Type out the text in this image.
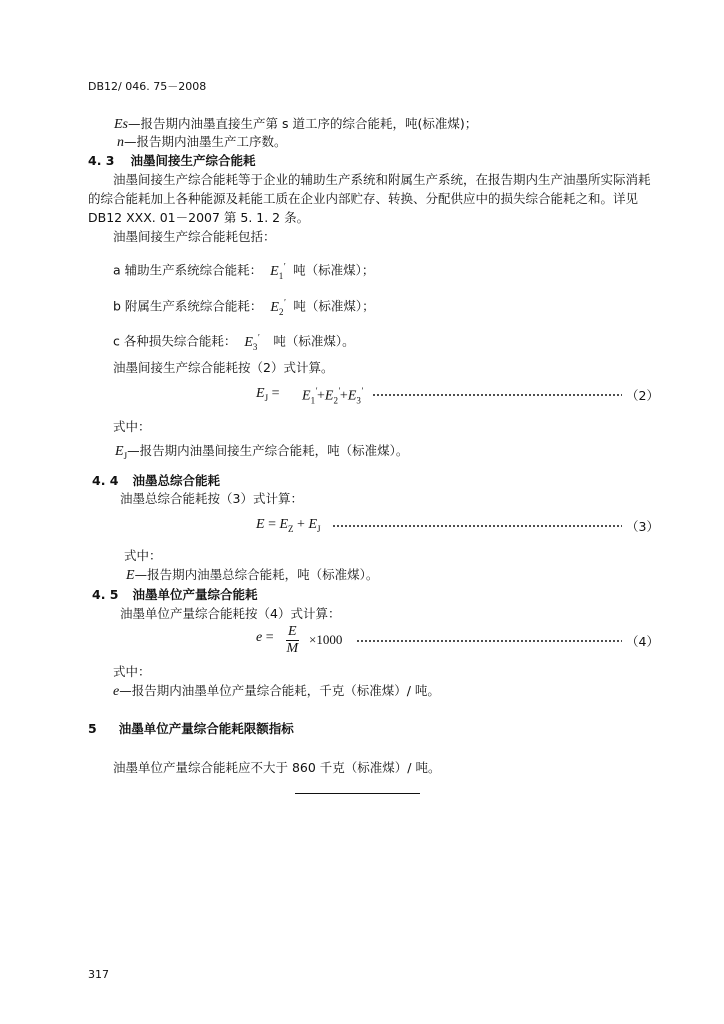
DB12/ 046. 75－2008
Es—报告期内油墨直接生产第 s 道工序的综合能耗，吨(标准煤)；
n—报告期内油墨生产工序数。
4. 3 油墨间接生产综合能耗
油墨间接生产综合能耗等于企业的辅助生产系统和附属生产系统，在报告期内生产油墨所实际消耗
的综合能耗加上各种能源及耗能工质在企业内部贮存、转换、分配供应中的损失综合能耗之和。详见
DB12 XXX. 01－2007 第 5. 1. 2 条。
油墨间接生产综合能耗包括：
a 辅助生产系统综合能耗： $E_1'$ 吨（标准煤）；
b 附属生产系统综合能耗： $E_2'$ 吨（标准煤）；
c 各种损失综合能耗： $E_3'$ 吨（标准煤）。
油墨间接生产综合能耗按（2）式计算。
$E_J = E_1'+E_2'+E_3'$	（2）
式中：
$E_J—$报告期内油墨间接生产综合能耗，吨（标准煤）。
4. 4 油墨总综合能耗
油墨总综合能耗按（3）式计算：
$E = E_Z + E_J$	（3）
式中：
E—报告期内油墨总综合能耗，吨（标准煤）。
4. 5 油墨单位产量综合能耗
油墨单位产量综合能耗按（4）式计算：
$e = \frac{E}{M} \times 1000$	（4）
式中：
e—报告期内油墨单位产量综合能耗，千克（标准煤）/ 吨。
5 油墨单位产量综合能耗限额指标
油墨单位产量综合能耗应不大于 860 千克（标准煤）/ 吨。
317
